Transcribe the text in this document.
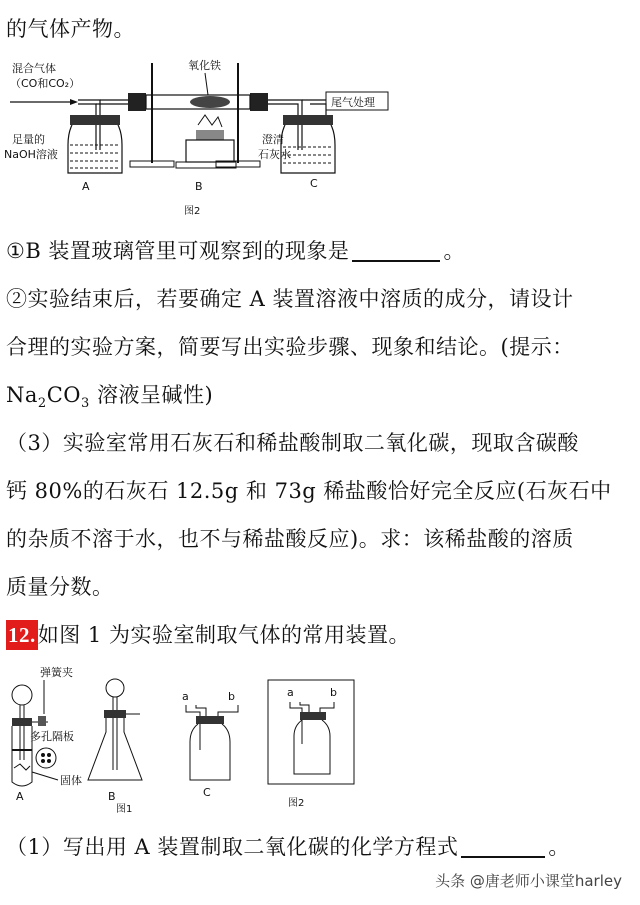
的气体产物。
混合气体
（CO和CO₂）
足量的
NaOH溶液
A
氧化铁
B
尾气处理
澄清
石灰水
C
图2
①B 装置玻璃管里可观察到的现象是	。
②实验结束后，若要确定 A 装置溶液中溶质的成分，请设计
合理的实验方案，简要写出实验步骤、现象和结论。(提示：
$Na_2CO_3$ 溶液呈碱性)
（3）实验室常用石灰石和稀盐酸制取二氧化碳，现取含碳酸
钙 80%的石灰石 12.5g 和 73g 稀盐酸恰好完全反应(石灰石中
的杂质不溶于水，也不与稀盐酸反应)。求：该稀盐酸的溶质
质量分数。
12.如图 1 为实验室制取气体的常用装置。
弹簧夹
多孔隔板
固体
A	B
a	b
C
图1
a	b
图2
（1）写出用 A 装置制取二氧化碳的化学方程式	。
头条 @唐老师小课堂harley
